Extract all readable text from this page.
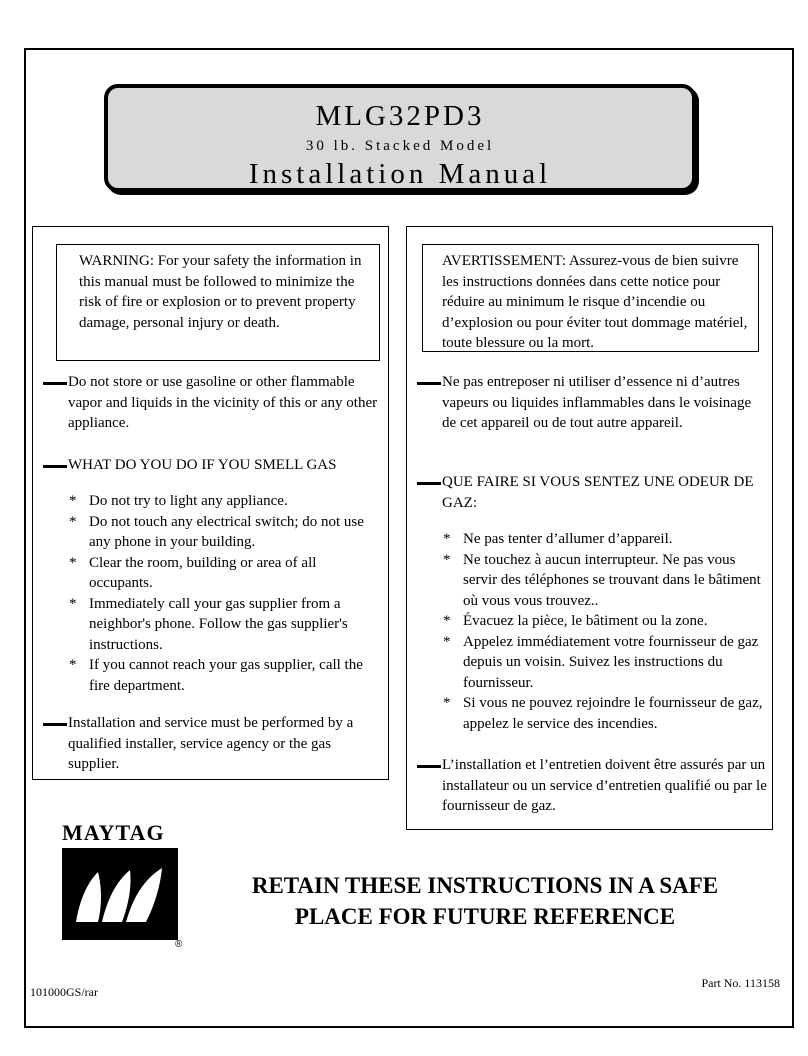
MLG32PD3
30 lb. Stacked Model
Installation Manual
WARNING: For your safety the information in this manual must be followed to minimize the risk of fire or explosion or to prevent property damage, personal injury or death.
Do not store or use gasoline or other flammable vapor and liquids in the vicinity of this or any other appliance.
WHAT DO YOU DO IF YOU SMELL GAS
* Do not try to light any appliance.
* Do not touch any electrical switch; do not use any phone in your building.
* Clear the room, building or area of all occupants.
* Immediately call your gas supplier from a neighbor's phone. Follow the gas supplier's instructions.
* If you cannot reach your gas supplier, call the fire department.
Installation and service must be performed by a qualified installer, service agency or the gas supplier.
AVERTISSEMENT: Assurez-vous de bien suivre les instructions données dans cette notice pour réduire au minimum le risque d’incendie ou d’explosion ou pour éviter tout dommage matériel, toute blessure ou la mort.
Ne pas entreposer ni utiliser d’essence ni d’autres vapeurs ou liquides inflammables dans le voisinage de cet appareil ou de tout autre appareil.
QUE FAIRE SI VOUS SENTEZ UNE ODEUR DE GAZ:
* Ne pas tenter d’allumer d’appareil.
* Ne touchez à aucun interrupteur. Ne pas vous servir des téléphones se trouvant dans le bâtiment où vous vous trouvez..
* Évacuez la pièce, le bâtiment ou la zone.
* Appelez immédiatement votre fournisseur de gaz depuis un voisin. Suivez les instructions du fournisseur.
* Si vous ne pouvez rejoindre le fournisseur de gaz, appelez le service des incendies.
L’installation et l’entretien doivent être assurés par un installateur ou un service d’entretien qualifié ou par le fournisseur de gaz.
MAYTAG
®
RETAIN THESE INSTRUCTIONS IN A SAFE
PLACE FOR FUTURE REFERENCE
101000GS/rar
Part No. 113158
